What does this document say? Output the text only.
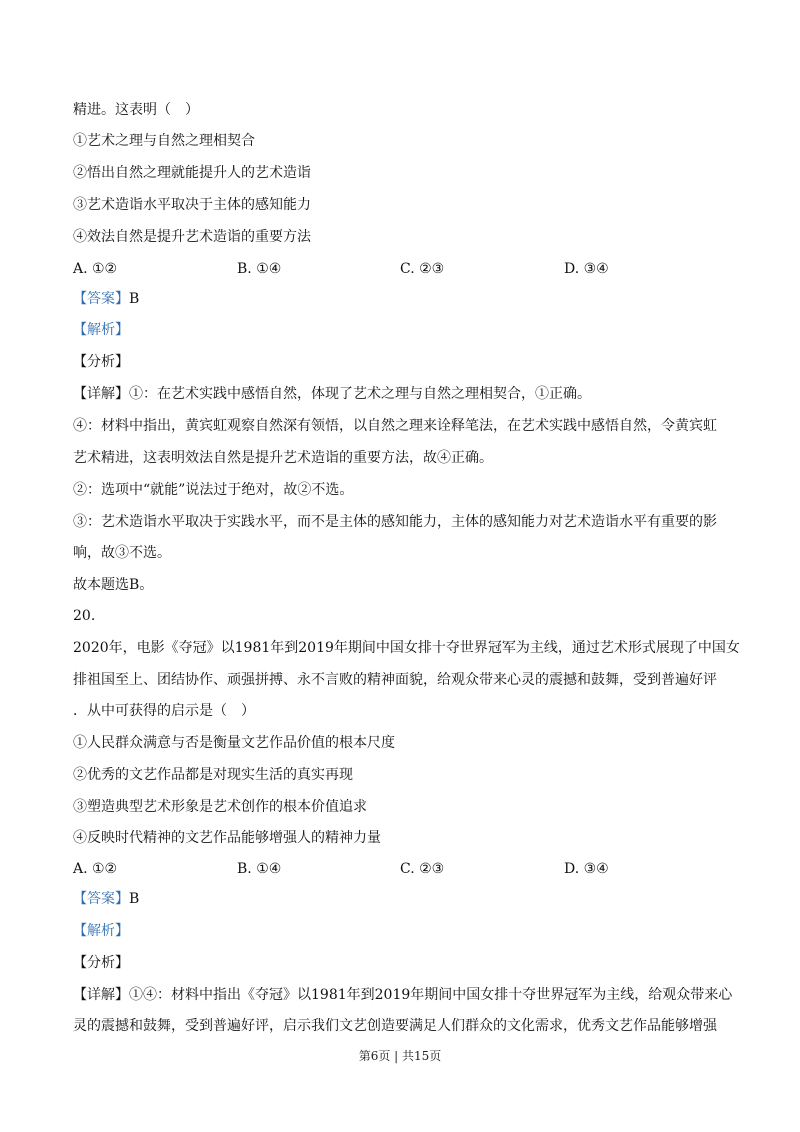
精进。这表明（　）
①艺术之理与自然之理相契合
②悟出自然之理就能提升人的艺术造诣
③艺术造诣水平取决于主体的感知能力
④效法自然是提升艺术造诣的重要方法
A. ①②	B. ①④	C. ②③	D. ③④
【答案】B
【解析】
【分析】
【详解】①：在艺术实践中感悟自然，体现了艺术之理与自然之理相契合，①正确。
④：材料中指出，黄宾虹观察自然深有领悟，以自然之理来诠释笔法，在艺术实践中感悟自然，令黄宾虹
艺术精进，这表明效法自然是提升艺术造诣的重要方法，故④正确。
②：选项中“就能”说法过于绝对，故②不选。
③：艺术造诣水平取决于实践水平，而不是主体的感知能力，主体的感知能力对艺术造诣水平有重要的影
响，故③不选。
故本题选B。
20.
2020年，电影《夺冠》以1981年到2019年期间中国女排十夺世界冠军为主线，通过艺术形式展现了中国女
排祖国至上、团结协作、顽强拼搏、永不言败的精神面貌，给观众带来心灵的震撼和鼓舞，受到普遍好评
．从中可获得的启示是（　）
①人民群众满意与否是衡量文艺作品价值的根本尺度
②优秀的文艺作品都是对现实生活的真实再现
③塑造典型艺术形象是艺术创作的根本价值追求
④反映时代精神的文艺作品能够增强人的精神力量
A. ①②	B. ①④	C. ②③	D. ③④
【答案】B
【解析】
【分析】
【详解】①④：材料中指出《夺冠》以1981年到2019年期间中国女排十夺世界冠军为主线，给观众带来心
灵的震撼和鼓舞，受到普遍好评，启示我们文艺创造要满足人们群众的文化需求，优秀文艺作品能够增强
第6页 | 共15页
